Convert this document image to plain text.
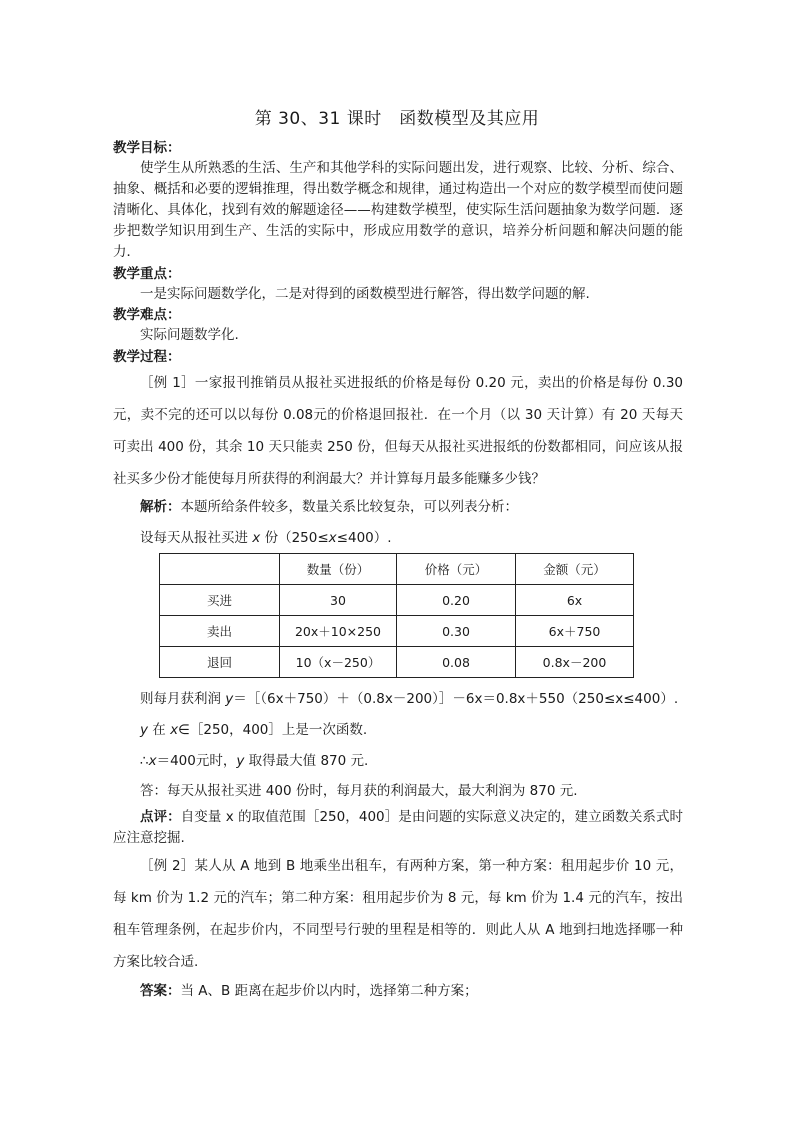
第 30、31 课时　函数模型及其应用
教学目标：
使学生从所熟悉的生活、生产和其他学科的实际问题出发，进行观察、比较、分析、综合、抽象、概括和必要的逻辑推理，得出数学概念和规律，通过构造出一个对应的数学模型而使问题清晰化、具体化，找到有效的解题途径——构建数学模型，使实际生活问题抽象为数学问题．逐步把数学知识用到生产、生活的实际中，形成应用数学的意识，培养分析问题和解决问题的能力．
教学重点：
一是实际问题数学化，二是对得到的函数模型进行解答，得出数学问题的解.
教学难点：
实际问题数学化.
教学过程：
［例 1］一家报刊推销员从报社买进报纸的价格是每份 0.20 元，卖出的价格是每份 0.30 元，卖不完的还可以以每份 0.08元的价格退回报社．在一个月（以 30 天计算）有 20 天每天可卖出 400 份，其余 10 天只能卖 250 份，但每天从报社买进报纸的份数都相同，问应该从报社买多少份才能使每月所获得的利润最大？并计算每月最多能赚多少钱？
解析：本题所给条件较多，数量关系比较复杂，可以列表分析：
设每天从报社买进 x 份（250≤x≤400）.
	数量（份）	价格（元）	金额（元）
买进	30	0.20	6x
卖出	20x＋10×250	0.30	6x＋750
退回	10（x－250）	0.08	0.8x－200
则每月获利润 y＝［（6x＋750）＋（0.8x－200）］－6x＝0.8x＋550（250≤x≤400）.
y 在 x∈［250，400］上是一次函数.
∴x＝400元时，y 取得最大值 870 元.
答：每天从报社买进 400 份时，每月获的利润最大，最大利润为 870 元.
点评：自变量 x 的取值范围［250，400］是由问题的实际意义决定的，建立函数关系式时应注意挖掘.
［例 2］某人从 A 地到 B 地乘坐出租车，有两种方案，第一种方案：租用起步价 10 元，每 km 价为 1.2 元的汽车；第二种方案：租用起步价为 8 元，每 km 价为 1.4 元的汽车，按出租车管理条例，在起步价内，不同型号行驶的里程是相等的．则此人从 A 地到扫地选择哪一种方案比较合适.
答案：当 A、B 距离在起步价以内时，选择第二种方案；
